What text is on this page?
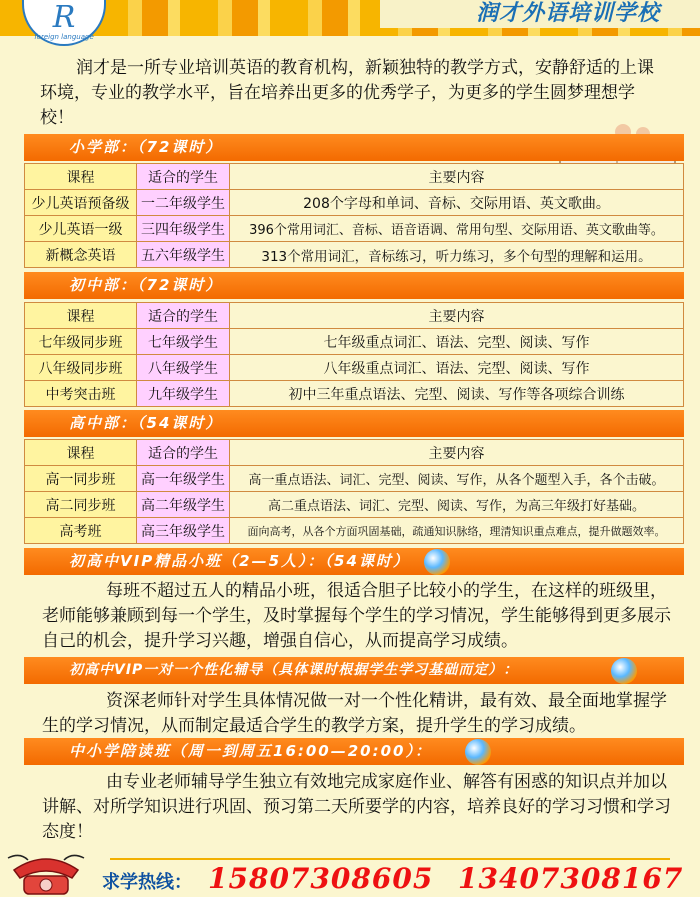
润才外语培训学校
R
foreign language

润才是一所专业培训英语的教育机构，新颖独特的教学方式，安静舒适的上课环境，专业的教学水平，旨在培养出更多的优秀学子，为更多的学生圆梦理想学校！

小学部：（72课时）
课程	适合的学生	主要内容
少儿英语预备级	一二年级学生	208个字母和单词、音标、交际用语、英文歌曲。
少儿英语一级	三四年级学生	396个常用词汇、音标、语音语调、常用句型、交际用语、英文歌曲等。
新概念英语	五六年级学生	313个常用词汇，音标练习，听力练习，多个句型的理解和运用。
初中部：（72课时）
课程	适合的学生	主要内容
七年级同步班	七年级学生	七年级重点词汇、语法、完型、阅读、写作
八年级同步班	八年级学生	八年级重点词汇、语法、完型、阅读、写作
中考突击班	九年级学生	初中三年重点语法、完型、阅读、写作等各项综合训练
高中部：（54课时）
课程	适合的学生	主要内容
高一同步班	高一年级学生	高一重点语法、词汇、完型、阅读、写作，从各个题型入手，各个击破。
高二同步班	高二年级学生	高二重点语法、词汇、完型、阅读、写作，为高三年级打好基础。
高考班	高三年级学生	面向高考，从各个方面巩固基础，疏通知识脉络，理清知识重点难点，提升做题效率。
初高中VIP精品小班（2—5人）：（54课时）

每班不超过五人的精品小班，很适合胆子比较小的学生，在这样的班级里，老师能够兼顾到每一个学生，及时掌握每个学生的学习情况，学生能够得到更多展示自己的机会，提升学习兴趣，增强自信心，从而提高学习成绩。

初高中VIP一对一个性化辅导（具体课时根据学生学习基础而定）：

资深老师针对学生具体情况做一对一个性化精讲，最有效、最全面地掌握学生的学习情况，从而制定最适合学生的教学方案，提升学生的学习成绩。

中小学陪读班（周一到周五16:00—20:00）：

由专业老师辅导学生独立有效地完成家庭作业、解答有困惑的知识点并加以讲解、对所学知识进行巩固、预习第二天所要学的内容，培养良好的学习习惯和学习态度！

求学热线： 15807308605 13407308167
